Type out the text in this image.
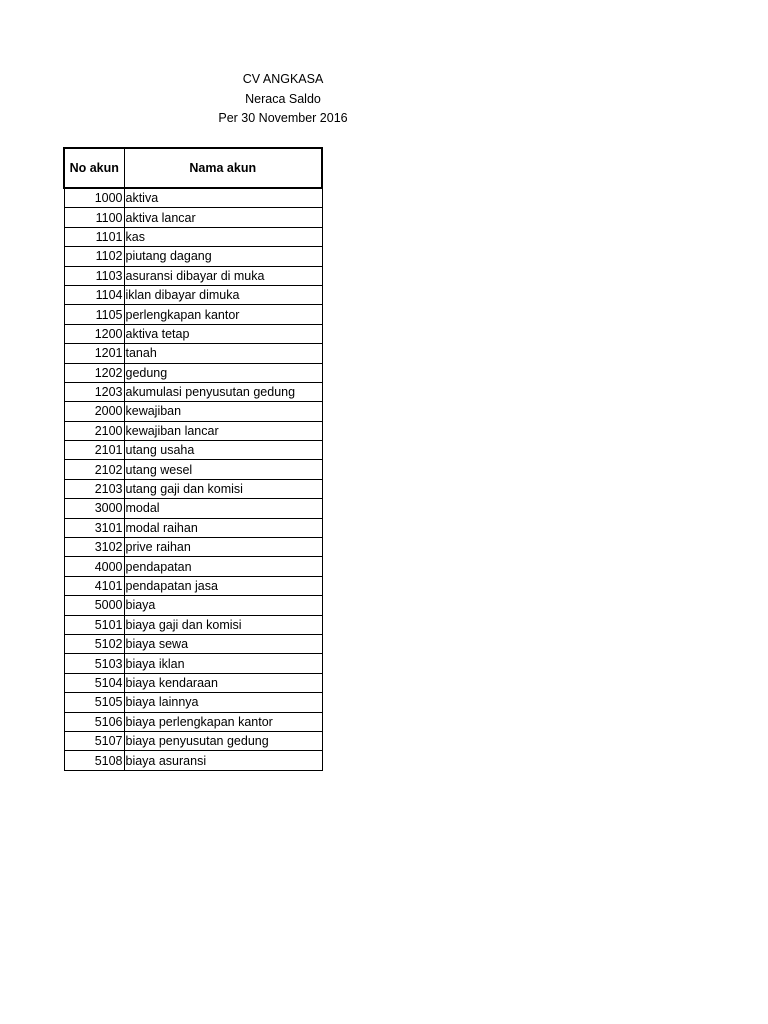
CV ANGKASA
Neraca Saldo
Per 30 November 2016
No akun	Nama akun
1000	aktiva
1100	aktiva lancar
1101	kas
1102	piutang dagang
1103	asuransi dibayar di muka
1104	iklan dibayar dimuka
1105	perlengkapan kantor
1200	aktiva tetap
1201	tanah
1202	gedung
1203	akumulasi penyusutan gedung
2000	kewajiban
2100	kewajiban lancar
2101	utang usaha
2102	utang wesel
2103	utang gaji dan komisi
3000	modal
3101	modal raihan
3102	prive raihan
4000	pendapatan
4101	pendapatan jasa
5000	biaya
5101	biaya gaji dan komisi
5102	biaya sewa
5103	biaya iklan
5104	biaya kendaraan
5105	biaya lainnya
5106	biaya perlengkapan kantor
5107	biaya penyusutan gedung
5108	biaya asuransi
